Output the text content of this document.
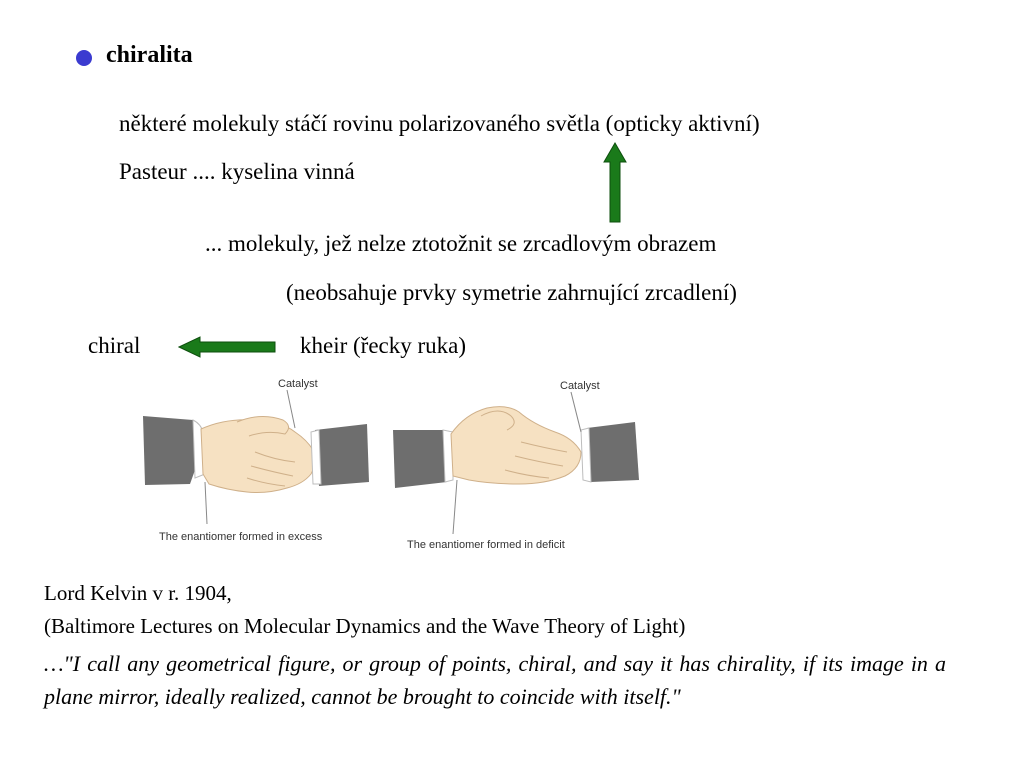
chiralita
některé molekuly stáčí rovinu polarizovaného světla (opticky aktivní)
Pasteur .... kyselina vinná
... molekuly, jež nelze ztotožnit se zrcadlovým obrazem
(neobsahuje prvky symetrie zahrnující zrcadlení)
chiral	kheir (řecky ruka)
Catalyst	Catalyst
The enantiomer formed in excess
The enantiomer formed in deficit
Lord Kelvin v r. 1904,
(Baltimore Lectures on Molecular Dynamics and the Wave Theory of Light)
…"I call any geometrical figure, or group of points, chiral, and say it has chirality, if its image in a plane mirror, ideally realized, cannot be brought to coincide with itself."
